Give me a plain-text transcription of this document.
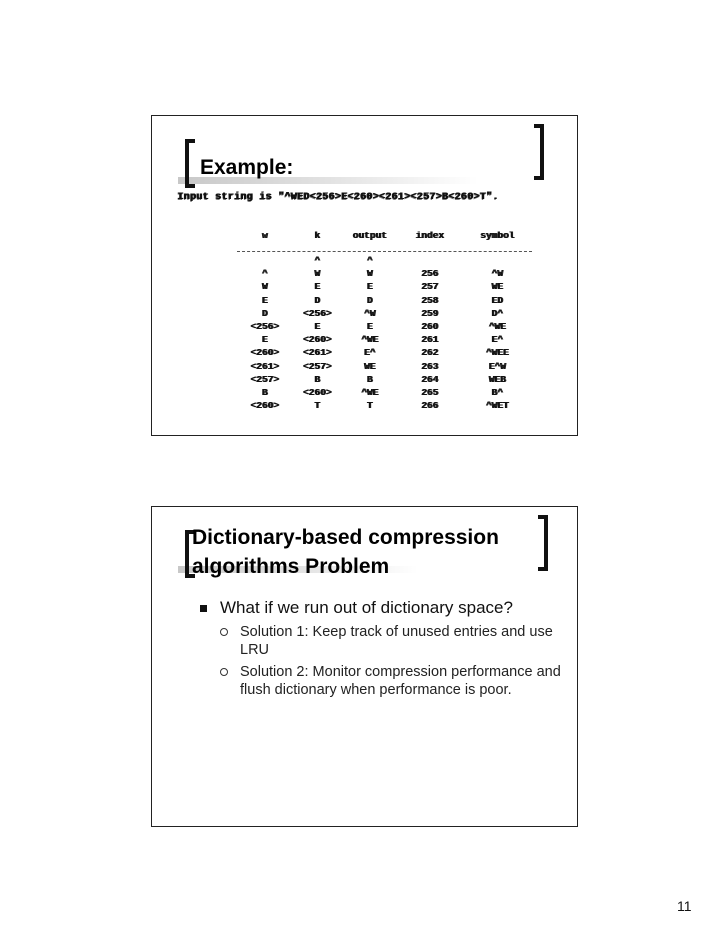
Example:
Input string is "^WED<256>E<260><261><257>B<260>T".
w	k	output	index	symbol

	^	^		
^	W	W	256	^W
W	E	E	257	WE
E	D	D	258	ED
D	<256>	^W	259	D^
<256>	E	E	260	^WE
E	<260>	^WE	261	E^
<260>	<261>	E^	262	^WEE
<261>	<257>	WE	263	E^W
<257>	B	B	264	WEB
B	<260>	^WE	265	B^
<260>	T	T	266	^WET
Dictionary-based compression
algorithms Problem
What if we run out of dictionary space?
Solution 1: Keep track of unused entries and use LRU
Solution 2: Monitor compression performance and flush dictionary when performance is poor.
11
